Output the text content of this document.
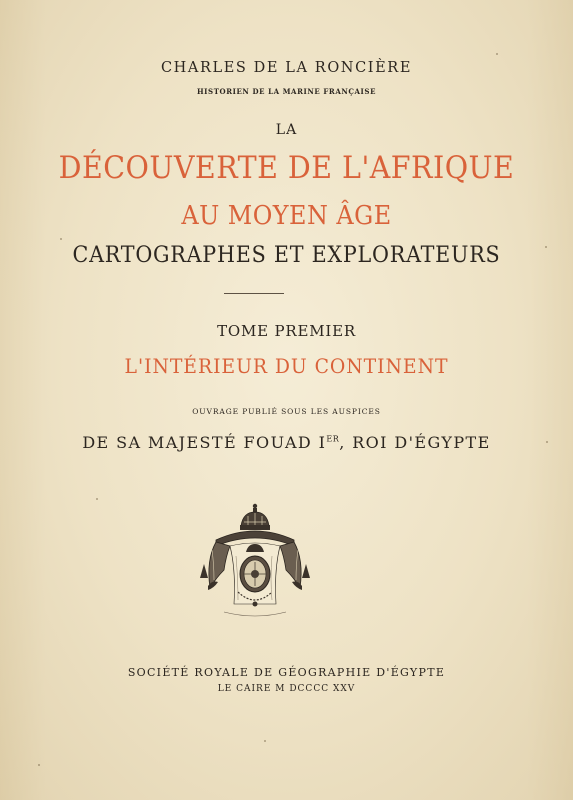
CHARLES DE LA RONCIÈRE

HISTORIEN DE LA MARINE FRANÇAISE

LA

DÉCOUVERTE DE L'AFRIQUE

AU MOYEN ÂGE

CARTOGRAPHES ET EXPLORATEURS

TOME PREMIER

L'INTÉRIEUR DU CONTINENT

OUVRAGE PUBLIÉ SOUS LES AUSPICES

DE SA MAJESTÉ FOUAD IER, ROI D'ÉGYPTE

SOCIÉTÉ ROYALE DE GÉOGRAPHIE D'ÉGYPTE

LE CAIRE M DCCCC XXV
